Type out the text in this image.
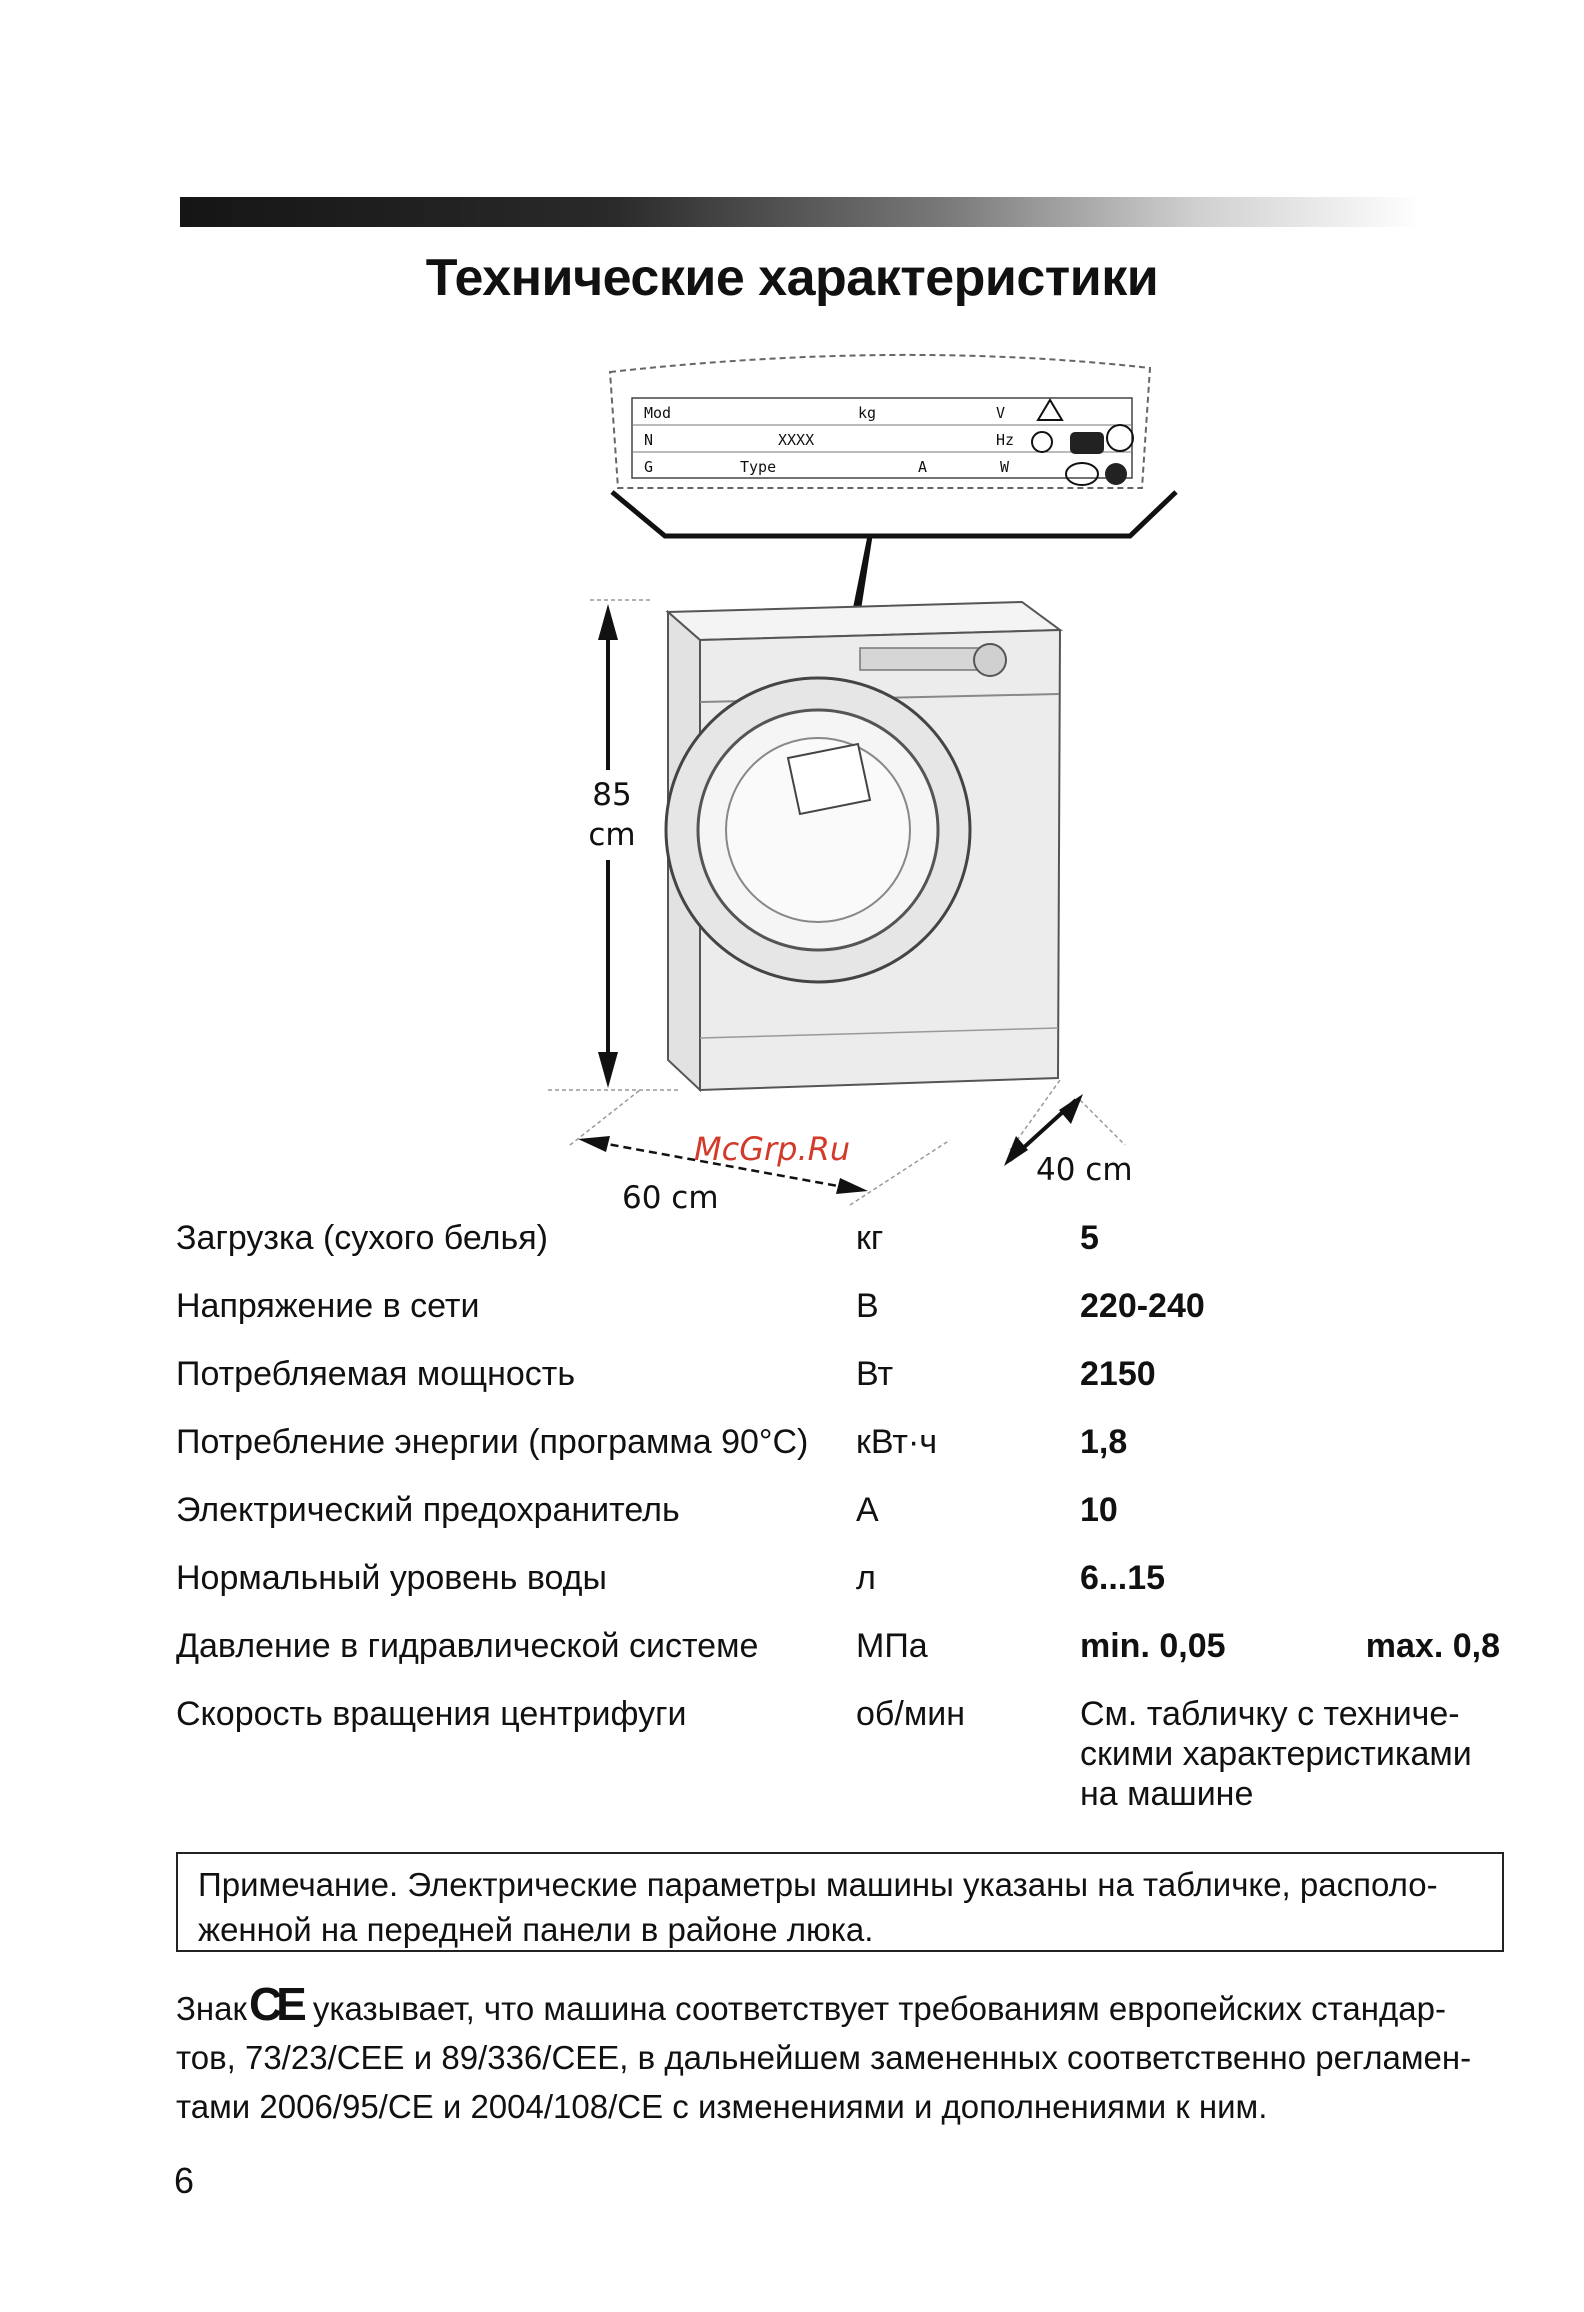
Технические характеристики
Mod	kg	V
N	XXXX	Hz
G	Type	A	W
85
cm
60 cm
40 cm
McGrp.Ru
Загрузка (сухого белья)	кг	5	
Напряжение в сети	В	220-240	
Потребляемая мощность	Вт	2150	
Потребление энергии (программа 90°С)	кВт·ч	1,8	
Электрический предохранитель	А	10	
Нормальный уровень воды	л	6...15	
Давление в гидравлической системе	МПа	min. 0,05	max. 0,8
Скорость вращения центрифуги	об/мин	См. табличку с техниче-
скими характеристиками
на машине	
Примечание. Электрические параметры машины указаны на табличке, располо-
женной на передней панели в районе люка.
ЗнакCE указывает, что машина соответствует требованиям европейских стандар-
тов, 73/23/CEE и 89/336/CEE, в дальнейшем замененных соответственно регламен-
тами 2006/95/CE и 2004/108/CE с изменениями и дополнениями к ним.
6
